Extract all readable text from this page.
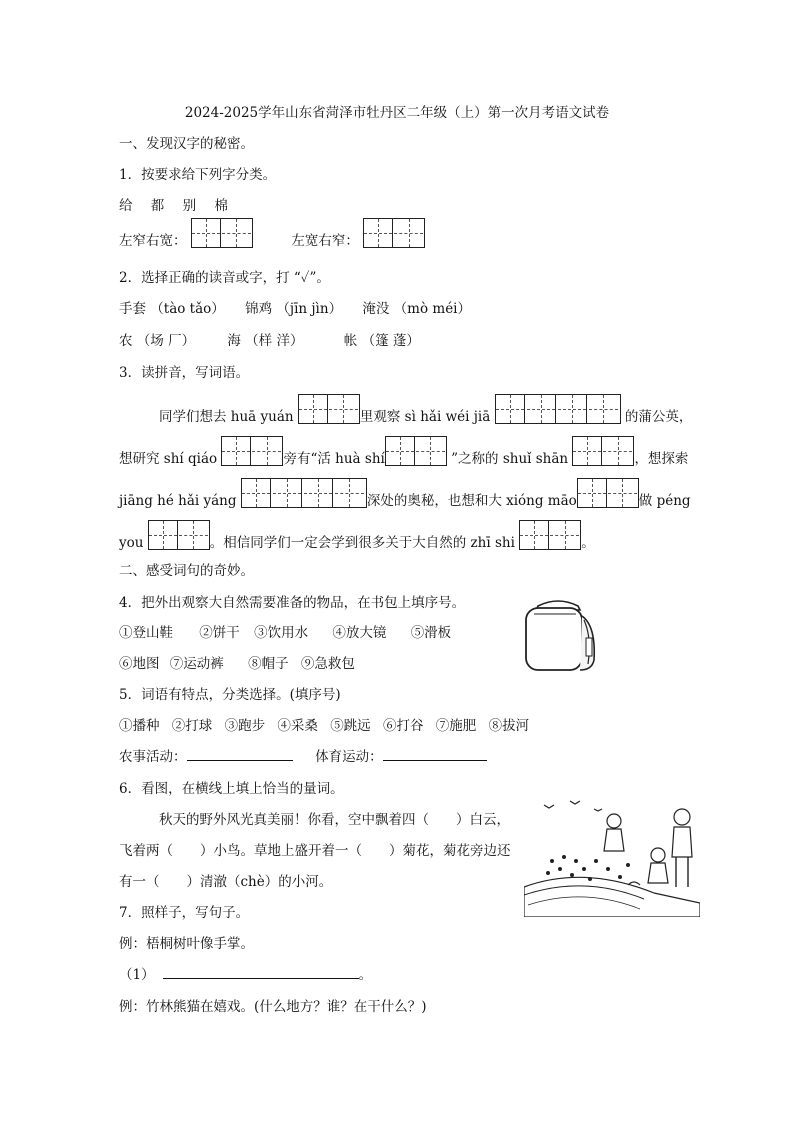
2024-2025学年山东省菏泽市牡丹区二年级（上）第一次月考语文试卷
一、发现汉字的秘密。
1．按要求给下列字分类。
给 都 别 棉
左窄右宽：	左宽右窄：
2．选择正确的读音或字，打 “✓”。
手套 （tào tǎo） 锦鸡 （jīn jìn） 淹没 （mò méi）
农 （场 厂） 海 （样 洋）	帐 （篷 蓬）
3．读拼音，写词语。
同学们想去 huā yuán	里观察 sì hǎi wéi jiā	的蒲公英，
想研究 shí qiáo	旁有“活 huà shí	”之称的 shuǐ shān	，想探索
jiāng hé hǎi yáng	深处的奥秘，也想和大 xióng māo	做 péng
you	。相信同学们一定会学到很多关于大自然的 zhī shi	。
二、感受词句的奇妙。
4．把外出观察大自然需要准备的物品，在书包上填序号。
①登山鞋 ②饼干 ③饮用水 ④放大镜 ⑤滑板
⑥地图 ⑦运动裤 ⑧帽子 ⑨急救包
5．词语有特点，分类选择。(填序号)
①播种 ②打球 ③跑步 ④采桑 ⑤跳远 ⑥打谷 ⑦施肥 ⑧拔河
农事活动：	体育运动：
6．看图，在横线上填上恰当的量词。
秋天的野外风光真美丽！你看，空中飘着四（　　）白云，
飞着两（　　）小鸟。草地上盛开着一（　　）菊花，菊花旁边还
有一（　　）清澈（chè）的小河。
7．照样子，写句子。
例：梧桐树叶像手掌。
（1）	。
例：竹林熊猫在嬉戏。(什么地方？谁？在干什么？)
